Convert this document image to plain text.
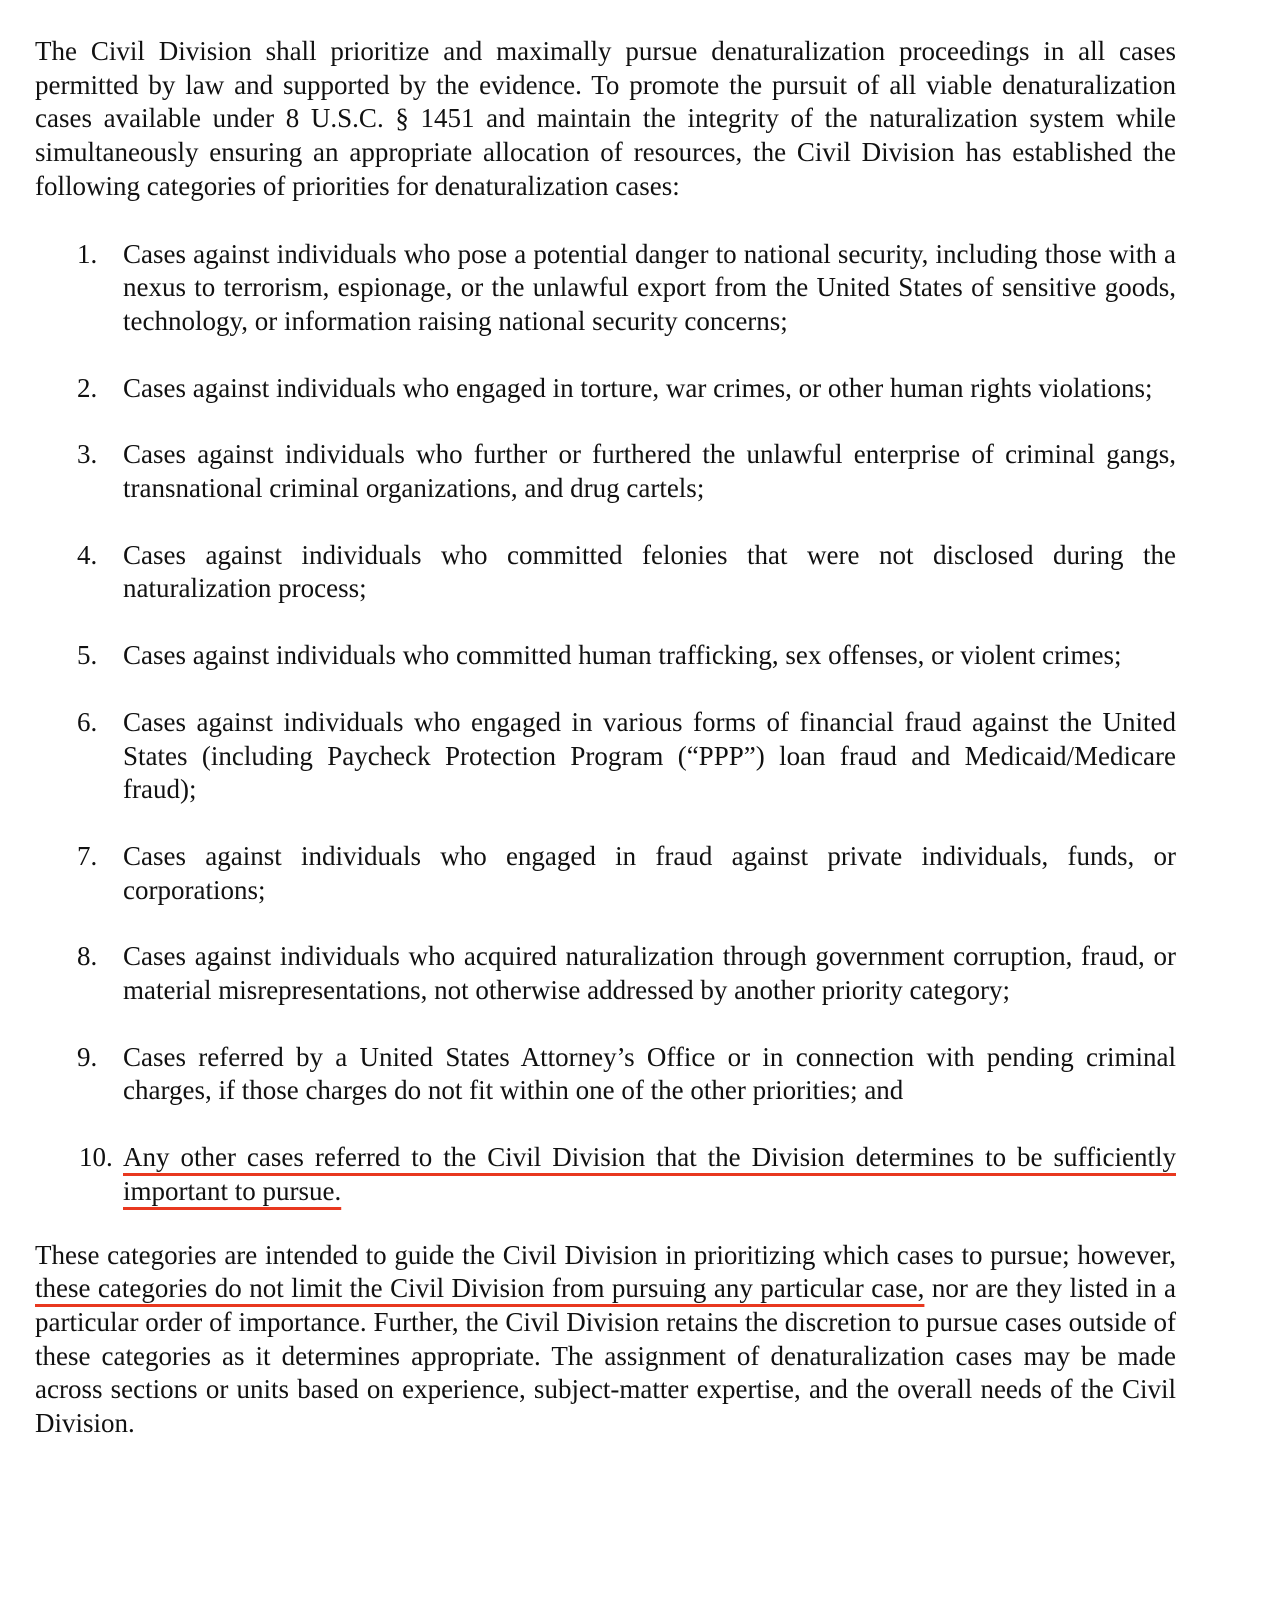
The Civil Division shall prioritize and maximally pursue denaturalization proceedings in all cases permitted by law and supported by the evidence. To promote the pursuit of all viable denaturalization cases available under 8 U.S.C. § 1451 and maintain the integrity of the naturalization system while simultaneously ensuring an appropriate allocation of resources, the Civil Division has established the following categories of priorities for denaturalization cases:

1. Cases against individuals who pose a potential danger to national security, including those with a nexus to terrorism, espionage, or the unlawful export from the United States of sensitive goods, technology, or information raising national security concerns;
2. Cases against individuals who engaged in torture, war crimes, or other human rights violations;
3. Cases against individuals who further or furthered the unlawful enterprise of criminal gangs, transnational criminal organizations, and drug cartels;
4. Cases against individuals who committed felonies that were not disclosed during the naturalization process;
5. Cases against individuals who committed human trafficking, sex offenses, or violent crimes;
6. Cases against individuals who engaged in various forms of financial fraud against the United States (including Paycheck Protection Program (“PPP”) loan fraud and Medicaid/Medicare fraud);
7. Cases against individuals who engaged in fraud against private individuals, funds, or corporations;
8. Cases against individuals who acquired naturalization through government corruption, fraud, or material misrepresentations, not otherwise addressed by another priority category;
9. Cases referred by a United States Attorney’s Office or in connection with pending criminal charges, if those charges do not fit within one of the other priorities; and
10. Any other cases referred to the Civil Division that the Division determines to be sufficiently important to pursue.

These categories are intended to guide the Civil Division in prioritizing which cases to pursue; however, these categories do not limit the Civil Division from pursuing any particular case, nor are they listed in a particular order of importance. Further, the Civil Division retains the discretion to pursue cases outside of these categories as it determines appropriate. The assignment of denaturalization cases may be made across sections or units based on experience, subject-matter expertise, and the overall needs of the Civil Division.
